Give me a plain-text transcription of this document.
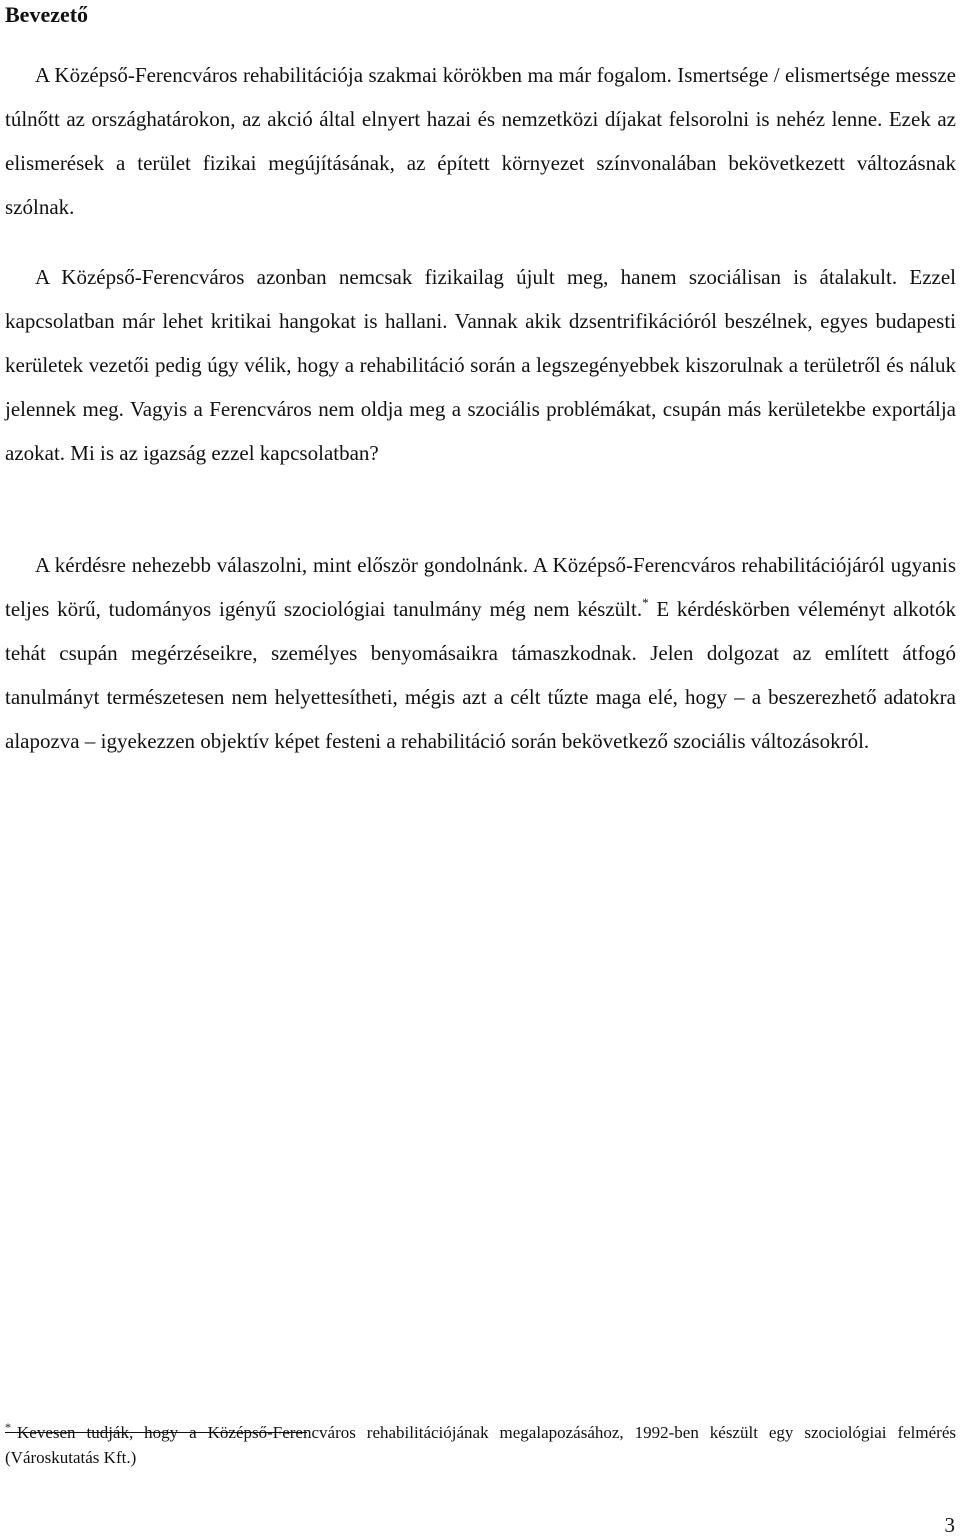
Bevezető

A Középső-Ferencváros rehabilitációja szakmai körökben ma már fogalom. Ismertsége / elismertsége messze túlnőtt az országhatárokon, az akció által elnyert hazai és nemzetközi díjakat felsorolni is nehéz lenne. Ezek az elismerések a terület fizikai megújításának, az épített környezet színvonalában bekövetkezett változásnak szólnak.

A Középső-Ferencváros azonban nemcsak fizikailag újult meg, hanem szociálisan is átalakult. Ezzel kapcsolatban már lehet kritikai hangokat is hallani. Vannak akik dzsentrifikációról beszélnek, egyes budapesti kerületek vezetői pedig úgy vélik, hogy a rehabilitáció során a legszegényebbek kiszorulnak a területről és náluk jelennek meg. Vagyis a Ferencváros nem oldja meg a szociális problémákat, csupán más kerületekbe exportálja azokat. Mi is az igazság ezzel kapcsolatban?

A kérdésre nehezebb válaszolni, mint először gondolnánk. A Középső-Ferencváros rehabilitációjáról ugyanis teljes körű, tudományos igényű szociológiai tanulmány még nem készült.* E kérdéskörben véleményt alkotók tehát csupán megérzéseikre, személyes benyomásaikra támaszkodnak. Jelen dolgozat az említett átfogó tanulmányt természetesen nem helyettesítheti, mégis azt a célt tűzte maga elé, hogy – a beszerezhető adatokra alapozva – igyekezzen objektív képet festeni a rehabilitáció során bekövetkező szociális változásokról.

* Kevesen tudják, hogy a Középső-Ferencváros rehabilitációjának megalapozásához, 1992-ben készült egy szociológiai felmérés (Városkutatás Kft.)

3
